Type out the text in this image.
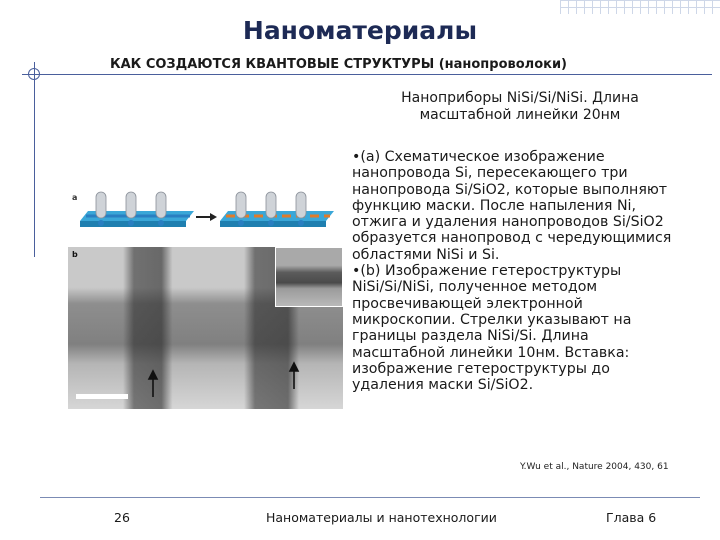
Наноматериалы
КАК СОЗДАЮТСЯ КВАНТОВЫЕ СТРУКТУРЫ (нанопроволоки)
Наноприборы NiSi/Si/NiSi. Длина
масштабной линейки 20нм
a
b

•(a) Схематическое изображение нанопровода Si, пересекающего три нанопровода Si/SiO2, которые выполняют функцию маски. После напыления Ni, отжига и удаления нанопроводов Si/SiO2 образуется нанопровод с чередующимися областями NiSi и Si.

•(b) Изображение гетероструктуры NiSi/Si/NiSi, полученное методом просвечивающей электронной микроскопии. Стрелки указывают на границы раздела NiSi/Si. Длина масштабной линейки 10нм. Вставка: изображение гетероструктуры до удаления маски Si/SiO2.

Y.Wu et al., Nature 2004, 430, 61
26	Наноматериалы и нанотехнологии	Глава 6
